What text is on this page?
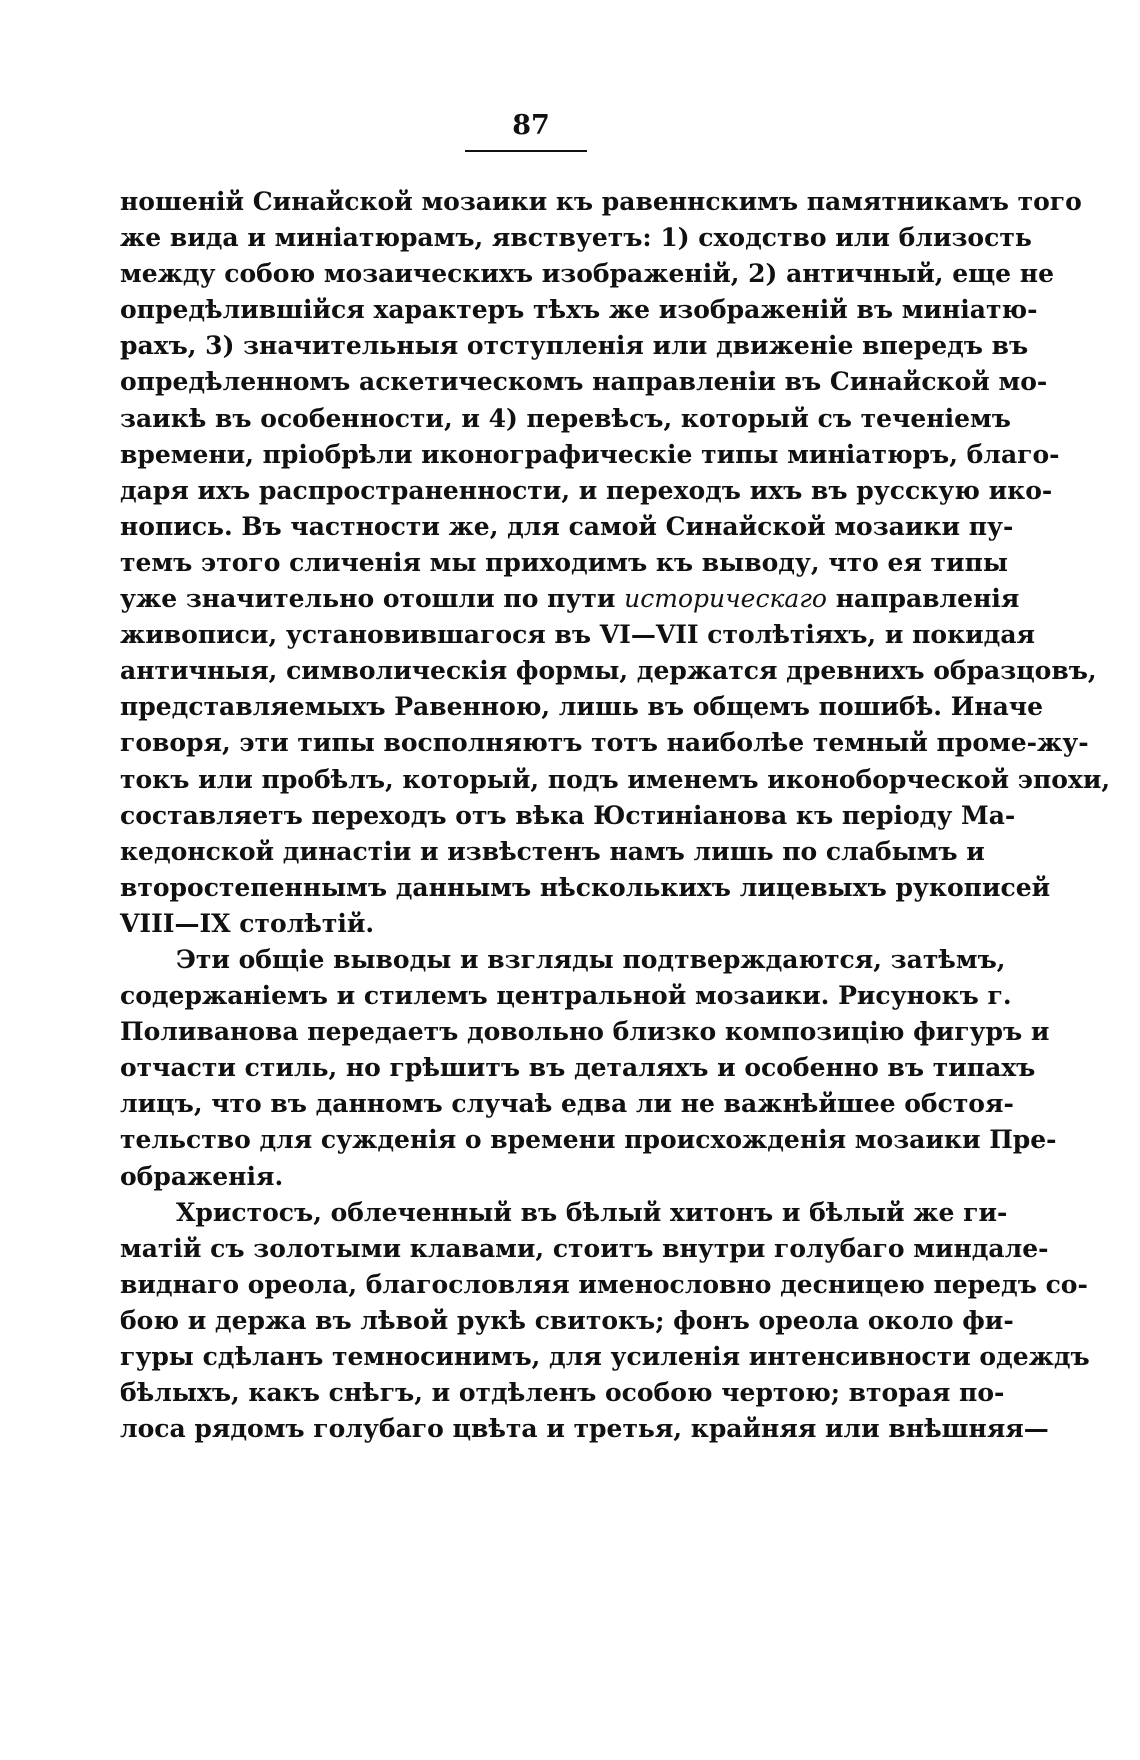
87
ношеній Синайской мозаики къ равеннскимъ памятникамъ того
же вида и миніатюрамъ, явствуетъ: 1) сходство или близость
между собою мозаическихъ изображеній, 2) античный, еще не
опредѣлившійся характеръ тѣхъ же изображеній въ миніатю-
рахъ, 3) значительныя отступленія или движеніе впередъ въ
опредѣленномъ аскетическомъ направленіи въ Синайской мо-
заикѣ въ особенности, и 4) перевѣсъ, который съ теченіемъ
времени, пріобрѣли иконографическіе типы миніатюръ, благо-
даря ихъ распространенности, и переходъ ихъ въ русскую ико-
нопись. Въ частности же, для самой Синайской мозаики пу-
темъ этого сличенія мы приходимъ къ выводу, что ея типы
уже значительно отошли по пути историческаго направленія
живописи, установившагося въ VI—VII столѣтіяхъ, и покидая
античныя, символическія формы, держатся древнихъ образцовъ,
представляемыхъ Равенною, лишь въ общемъ пошибѣ. Иначе
говоря, эти типы восполняютъ тотъ наиболѣе темный проме-жу-
токъ или пробѣлъ, который, подъ именемъ иконоборческой эпохи,
составляетъ переходъ отъ вѣка Юстиніанова къ періоду Ма-
кедонской династіи и извѣстенъ намъ лишь по слабымъ и
второстепеннымъ даннымъ нѣсколькихъ лицевыхъ рукописей
VIII—IX столѣтій.
Эти общіе выводы и взгляды подтверждаются, затѣмъ,
содержаніемъ и стилемъ центральной мозаики. Рисунокъ г.
Поливанова передаетъ довольно близко композицію фигуръ и
отчасти стиль, но грѣшитъ въ деталяхъ и особенно въ типахъ
лицъ, что въ данномъ случаѣ едва ли не важнѣйшее обстоя-
тельство для сужденія о времени происхожденія мозаики Пре-
ображенія.
Христосъ, облеченный въ бѣлый хитонъ и бѣлый же ги-
матій съ золотыми клавами, стоитъ внутри голубаго миндале-
виднаго ореола, благословляя именословно десницею передъ со-
бою и держа въ лѣвой рукѣ свитокъ; фонъ ореола около фи-
гуры сдѣланъ темносинимъ, для усиленія интенсивности одеждъ
бѣлыхъ, какъ снѣгъ, и отдѣленъ особою чертою; вторая по-
лоса рядомъ голубаго цвѣта и третья, крайняя или внѣшняя—
